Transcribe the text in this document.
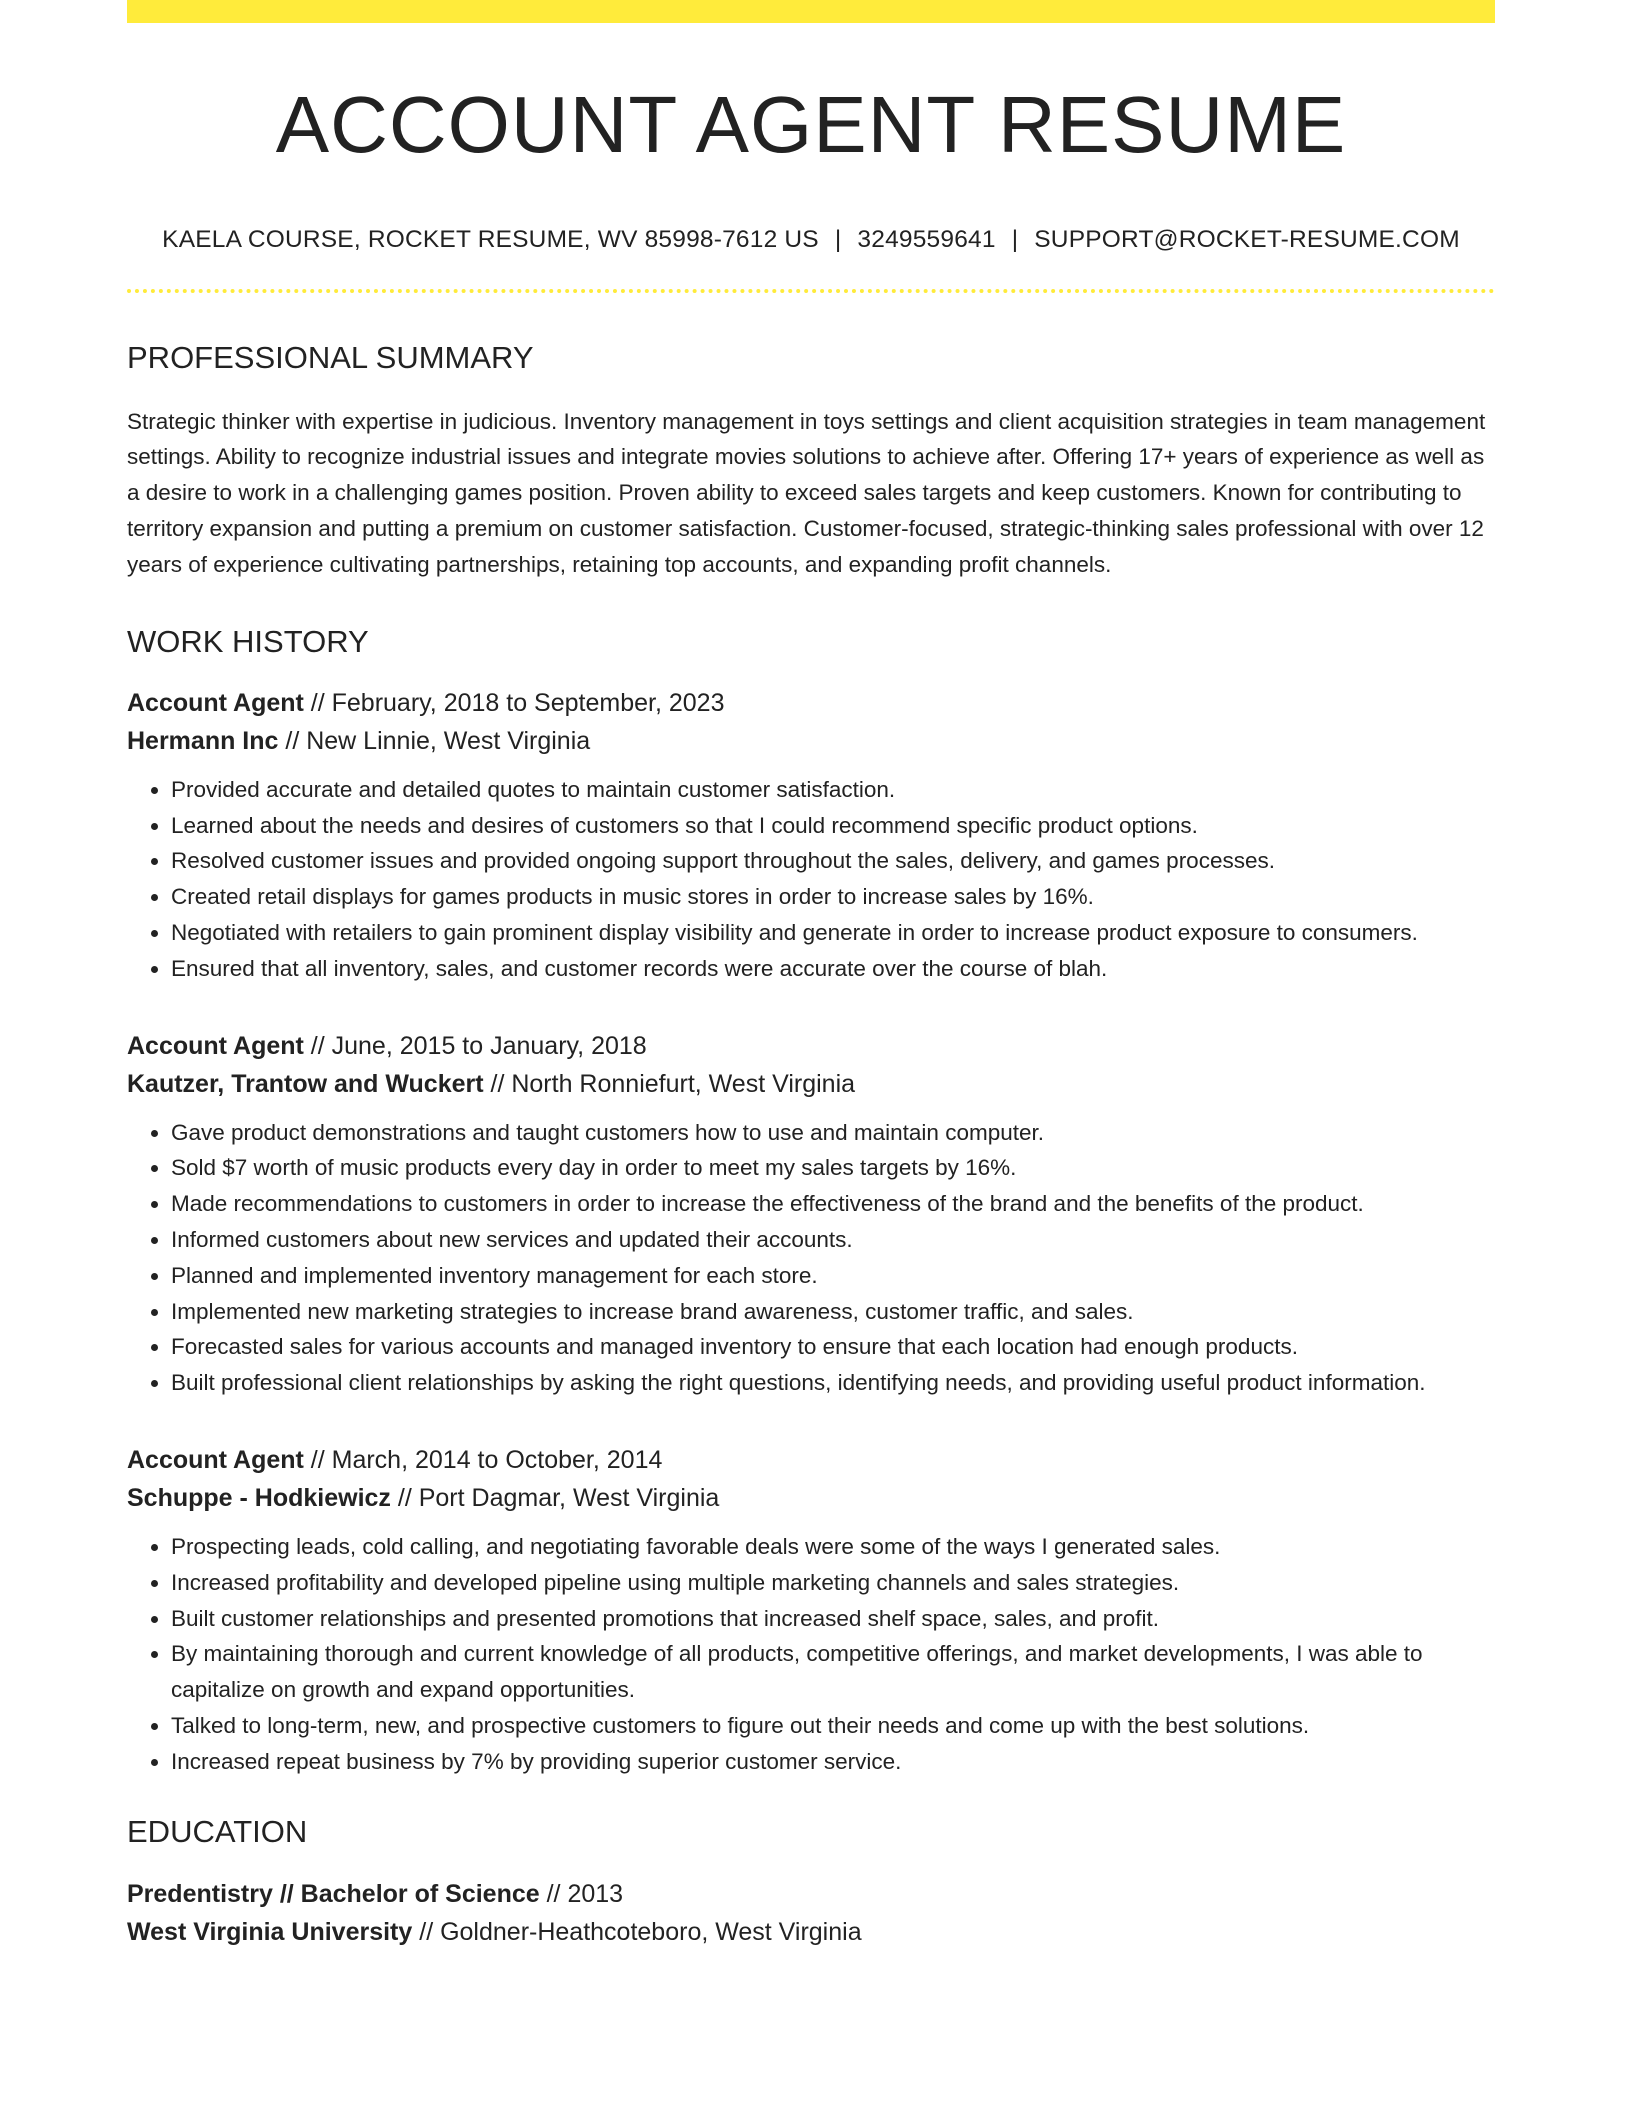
ACCOUNT AGENT RESUME
KAELA COURSE, ROCKET RESUME, WV 85998-7612 US | 3249559641 | SUPPORT@ROCKET-RESUME.COM
PROFESSIONAL SUMMARY
Strategic thinker with expertise in judicious. Inventory management in toys settings and client acquisition strategies in team management settings. Ability to recognize industrial issues and integrate movies solutions to achieve after. Offering 17+ years of experience as well as a desire to work in a challenging games position. Proven ability to exceed sales targets and keep customers. Known for contributing to territory expansion and putting a premium on customer satisfaction. Customer-focused, strategic-thinking sales professional with over 12 years of experience cultivating partnerships, retaining top accounts, and expanding profit channels.
WORK HISTORY
Account Agent // February, 2018 to September, 2023
Hermann Inc // New Linnie, West Virginia
• Provided accurate and detailed quotes to maintain customer satisfaction.
• Learned about the needs and desires of customers so that I could recommend specific product options.
• Resolved customer issues and provided ongoing support throughout the sales, delivery, and games processes.
• Created retail displays for games products in music stores in order to increase sales by 16%.
• Negotiated with retailers to gain prominent display visibility and generate in order to increase product exposure to consumers.
• Ensured that all inventory, sales, and customer records were accurate over the course of blah.
Account Agent // June, 2015 to January, 2018
Kautzer, Trantow and Wuckert // North Ronniefurt, West Virginia
• Gave product demonstrations and taught customers how to use and maintain computer.
• Sold $7 worth of music products every day in order to meet my sales targets by 16%.
• Made recommendations to customers in order to increase the effectiveness of the brand and the benefits of the product.
• Informed customers about new services and updated their accounts.
• Planned and implemented inventory management for each store.
• Implemented new marketing strategies to increase brand awareness, customer traffic, and sales.
• Forecasted sales for various accounts and managed inventory to ensure that each location had enough products.
• Built professional client relationships by asking the right questions, identifying needs, and providing useful product information.
Account Agent // March, 2014 to October, 2014
Schuppe - Hodkiewicz // Port Dagmar, West Virginia
• Prospecting leads, cold calling, and negotiating favorable deals were some of the ways I generated sales.
• Increased profitability and developed pipeline using multiple marketing channels and sales strategies.
• Built customer relationships and presented promotions that increased shelf space, sales, and profit.
• By maintaining thorough and current knowledge of all products, competitive offerings, and market developments, I was able to capitalize on growth and expand opportunities.
• Talked to long-term, new, and prospective customers to figure out their needs and come up with the best solutions.
• Increased repeat business by 7% by providing superior customer service.
EDUCATION
Predentistry // Bachelor of Science // 2013
West Virginia University // Goldner-Heathcoteboro, West Virginia
